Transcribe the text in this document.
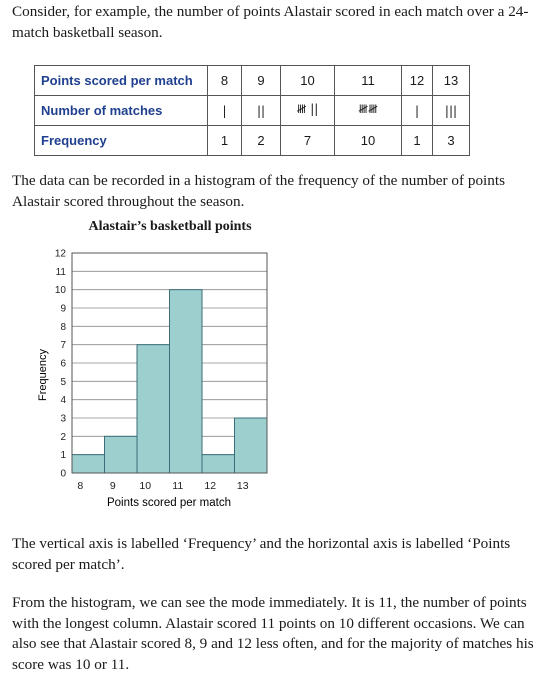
Consider, for example, the number of points Alastair scored in each match over a 24-match basketball season.

Points scored per match	8	9	10	11	12	13
Number of matches	|	||	𝍸 ||	𝍸𝍸	|	|||
Frequency	1	2	7	10	1	3

The data can be recorded in a histogram of the frequency of the number of points Alastair scored throughout the season.

Alastair’s basketball points
0
1
2
3
4
5
6
7
8
9
10
11
12
8	9 10 11 12 13
Frequency
Points scored per match

The vertical axis is labelled ‘Frequency’ and the horizontal axis is labelled ‘Points scored per match’.

From the histogram, we can see the mode immediately. It is 11, the number of points with the longest column. Alastair scored 11 points on 10 different occasions. We can also see that Alastair scored 8, 9 and 12 less often, and for the majority of matches his score was 10 or 11.
